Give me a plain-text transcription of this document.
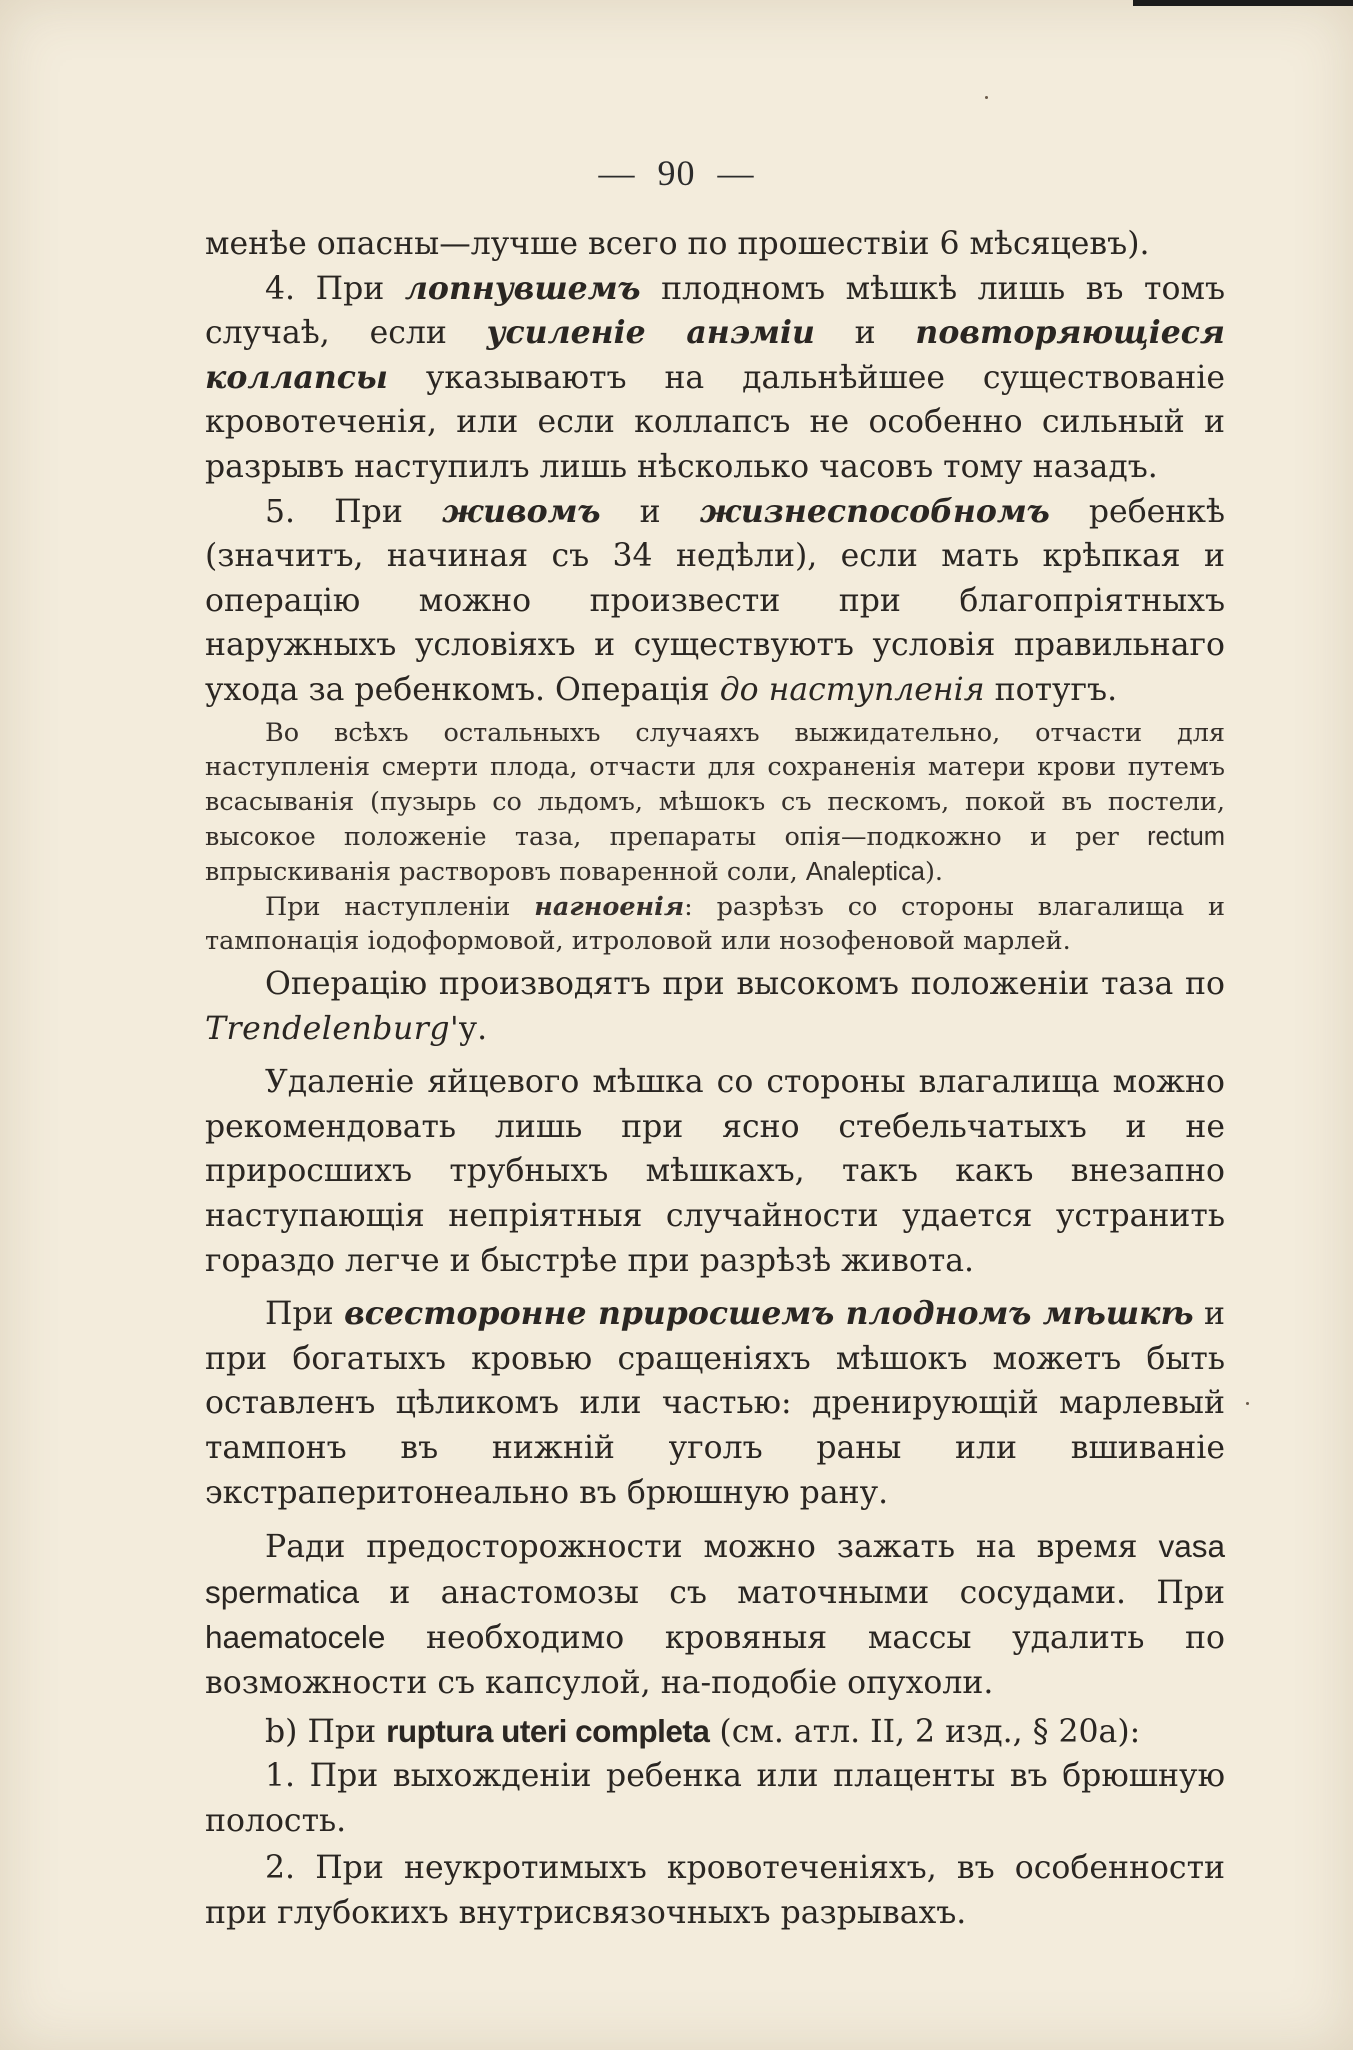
— 90 —

менѣе опасны—лучше всего по прошествіи 6 мѣсяцевъ).

4. При лопнувшемъ плодномъ мѣшкѣ лишь въ томъ случаѣ, если усиленіе анэміи и повторяющіеся коллапсы указываютъ на дальнѣйшее существованіе кровотеченія, или если коллапсъ не особенно сильный и разрывъ наступилъ лишь нѣсколько часовъ тому назадъ.

5. При живомъ и жизнеспособномъ ребенкѣ (значитъ, начиная съ 34 недѣли), если мать крѣпкая и операцію можно произвести при благопріятныхъ наружныхъ условіяхъ и существуютъ условія правильнаго ухода за ребенкомъ. Операція до наступленія потугъ.

Во всѣхъ остальныхъ случаяхъ выжидательно, отчасти для наступленія смерти плода, отчасти для сохраненія матери крови путемъ всасыванія (пузырь со льдомъ, мѣшокъ съ пескомъ, покой въ постели, высокое положеніе таза, препараты опія—подкожно и per rectum впрыскиванія растворовъ поваренной соли, Analeptica).

При наступленіи нагноенія: разрѣзъ со стороны влагалища и тампонація іодоформовой, итроловой или нозофеновой марлей.

Операцію производятъ при высокомъ положеніи таза по Trendelenburg'у.

Удаленіе яйцевого мѣшка со стороны влагалища можно рекомендовать лишь при ясно стебельчатыхъ и не приросшихъ трубныхъ мѣшкахъ, такъ какъ внезапно наступающія непріятныя случайности удается устранить гораздо легче и быстрѣе при разрѣзѣ живота.

При всесторонне приросшемъ плодномъ мѣшкѣ и при богатыхъ кровью сращеніяхъ мѣшокъ можетъ быть оставленъ цѣликомъ или частью: дренирующій марлевый тампонъ въ нижній уголъ раны или вшиваніе экстраперитонеально въ брюшную рану.

Ради предосторожности можно зажать на время vasa spermatica и анастомозы съ маточными сосудами. При haematocele необходимо кровяныя массы удалить по возможности съ капсулой, на-подобіе опухоли.

b) При ruptura uteri completa (см. атл. II, 2 изд., § 20a):

1. При выхожденіи ребенка или плаценты въ брюшную полость.

2. При неукротимыхъ кровотеченіяхъ, въ особенности при глубокихъ внутрисвязочныхъ разрывахъ.
